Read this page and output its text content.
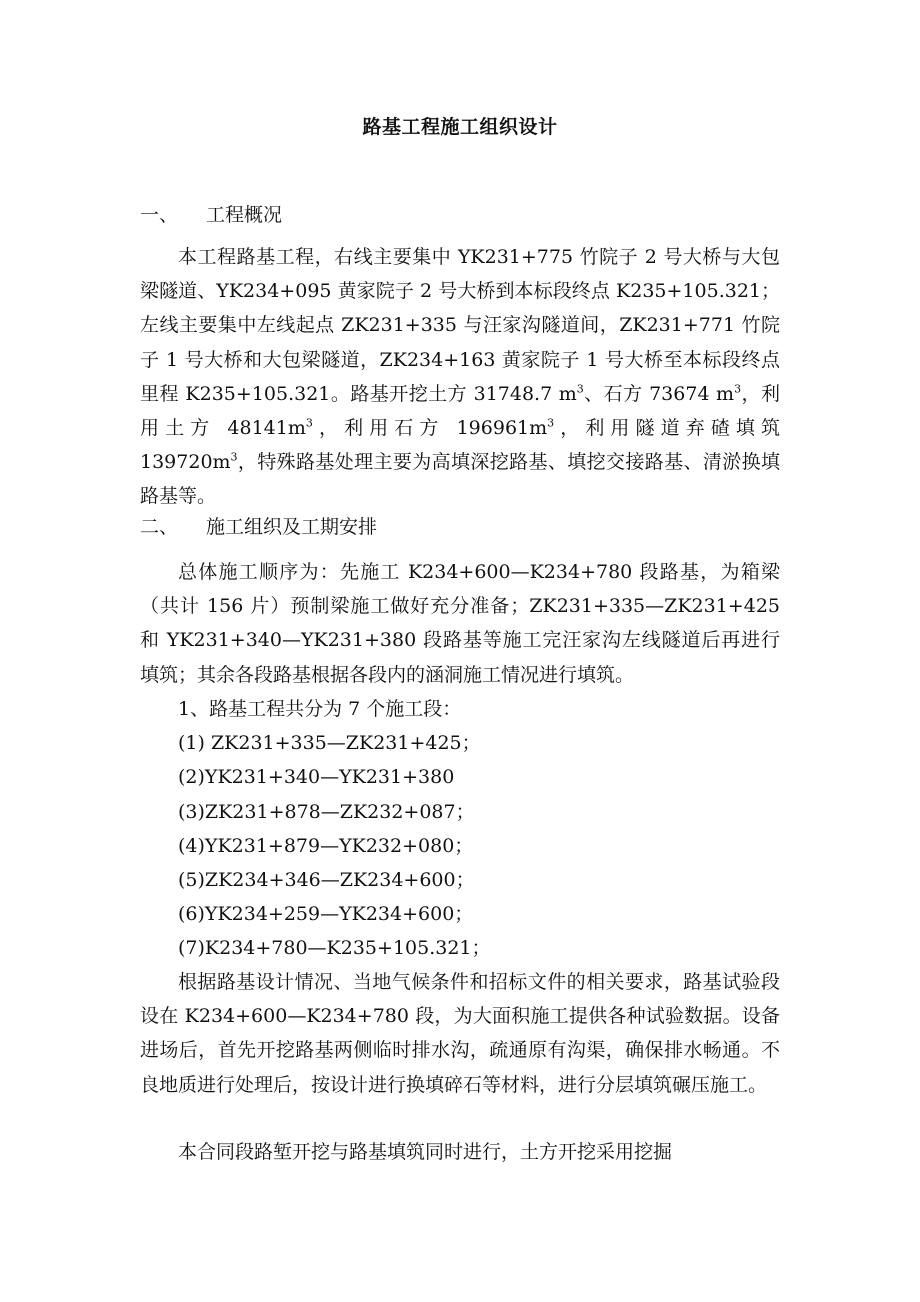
路基工程施工组织设计
一、 工程概况

本工程路基工程，右线主要集中 YK231+775 竹院子 2 号大桥与大包梁隧道、YK234+095 黄家院子 2 号大桥到本标段终点 K235+105.321；左线主要集中左线起点 ZK231+335 与汪家沟隧道间，ZK231+771 竹院子 1 号大桥和大包梁隧道，ZK234+163 黄家院子 1 号大桥至本标段终点里程 K235+105.321。路基开挖土方 31748.7 $m^3$、石方 73674 $m^3$，利用土方 $48141m^3$，利用石方 $196961m^3$，利用隧道弃碴填筑 $139720m^3$，特殊路基处理主要为高填深挖路基、填挖交接路基、清淤换填路基等。

二、 施工组织及工期安排

总体施工顺序为：先施工 K234+600—K234+780 段路基，为箱梁（共计 156 片）预制梁施工做好充分准备；ZK231+335—ZK231+425 和 YK231+340—YK231+380 段路基等施工完汪家沟左线隧道后再进行填筑；其余各段路基根据各段内的涵洞施工情况进行填筑。

1、路基工程共分为 7 个施工段：
(1) ZK231+335—ZK231+425；
(2)YK231+340—YK231+380
(3)ZK231+878—ZK232+087；
(4)YK231+879—YK232+080；
(5)ZK234+346—ZK234+600；
(6)YK234+259—YK234+600；
(7)K234+780—K235+105.321；

根据路基设计情况、当地气候条件和招标文件的相关要求，路基试验段设在 K234+600—K234+780 段，为大面积施工提供各种试验数据。设备进场后，首先开挖路基两侧临时排水沟，疏通原有沟渠，确保排水畅通。不良地质进行处理后，按设计进行换填碎石等材料，进行分层填筑碾压施工。

本合同段路堑开挖与路基填筑同时进行，土方开挖采用挖掘
